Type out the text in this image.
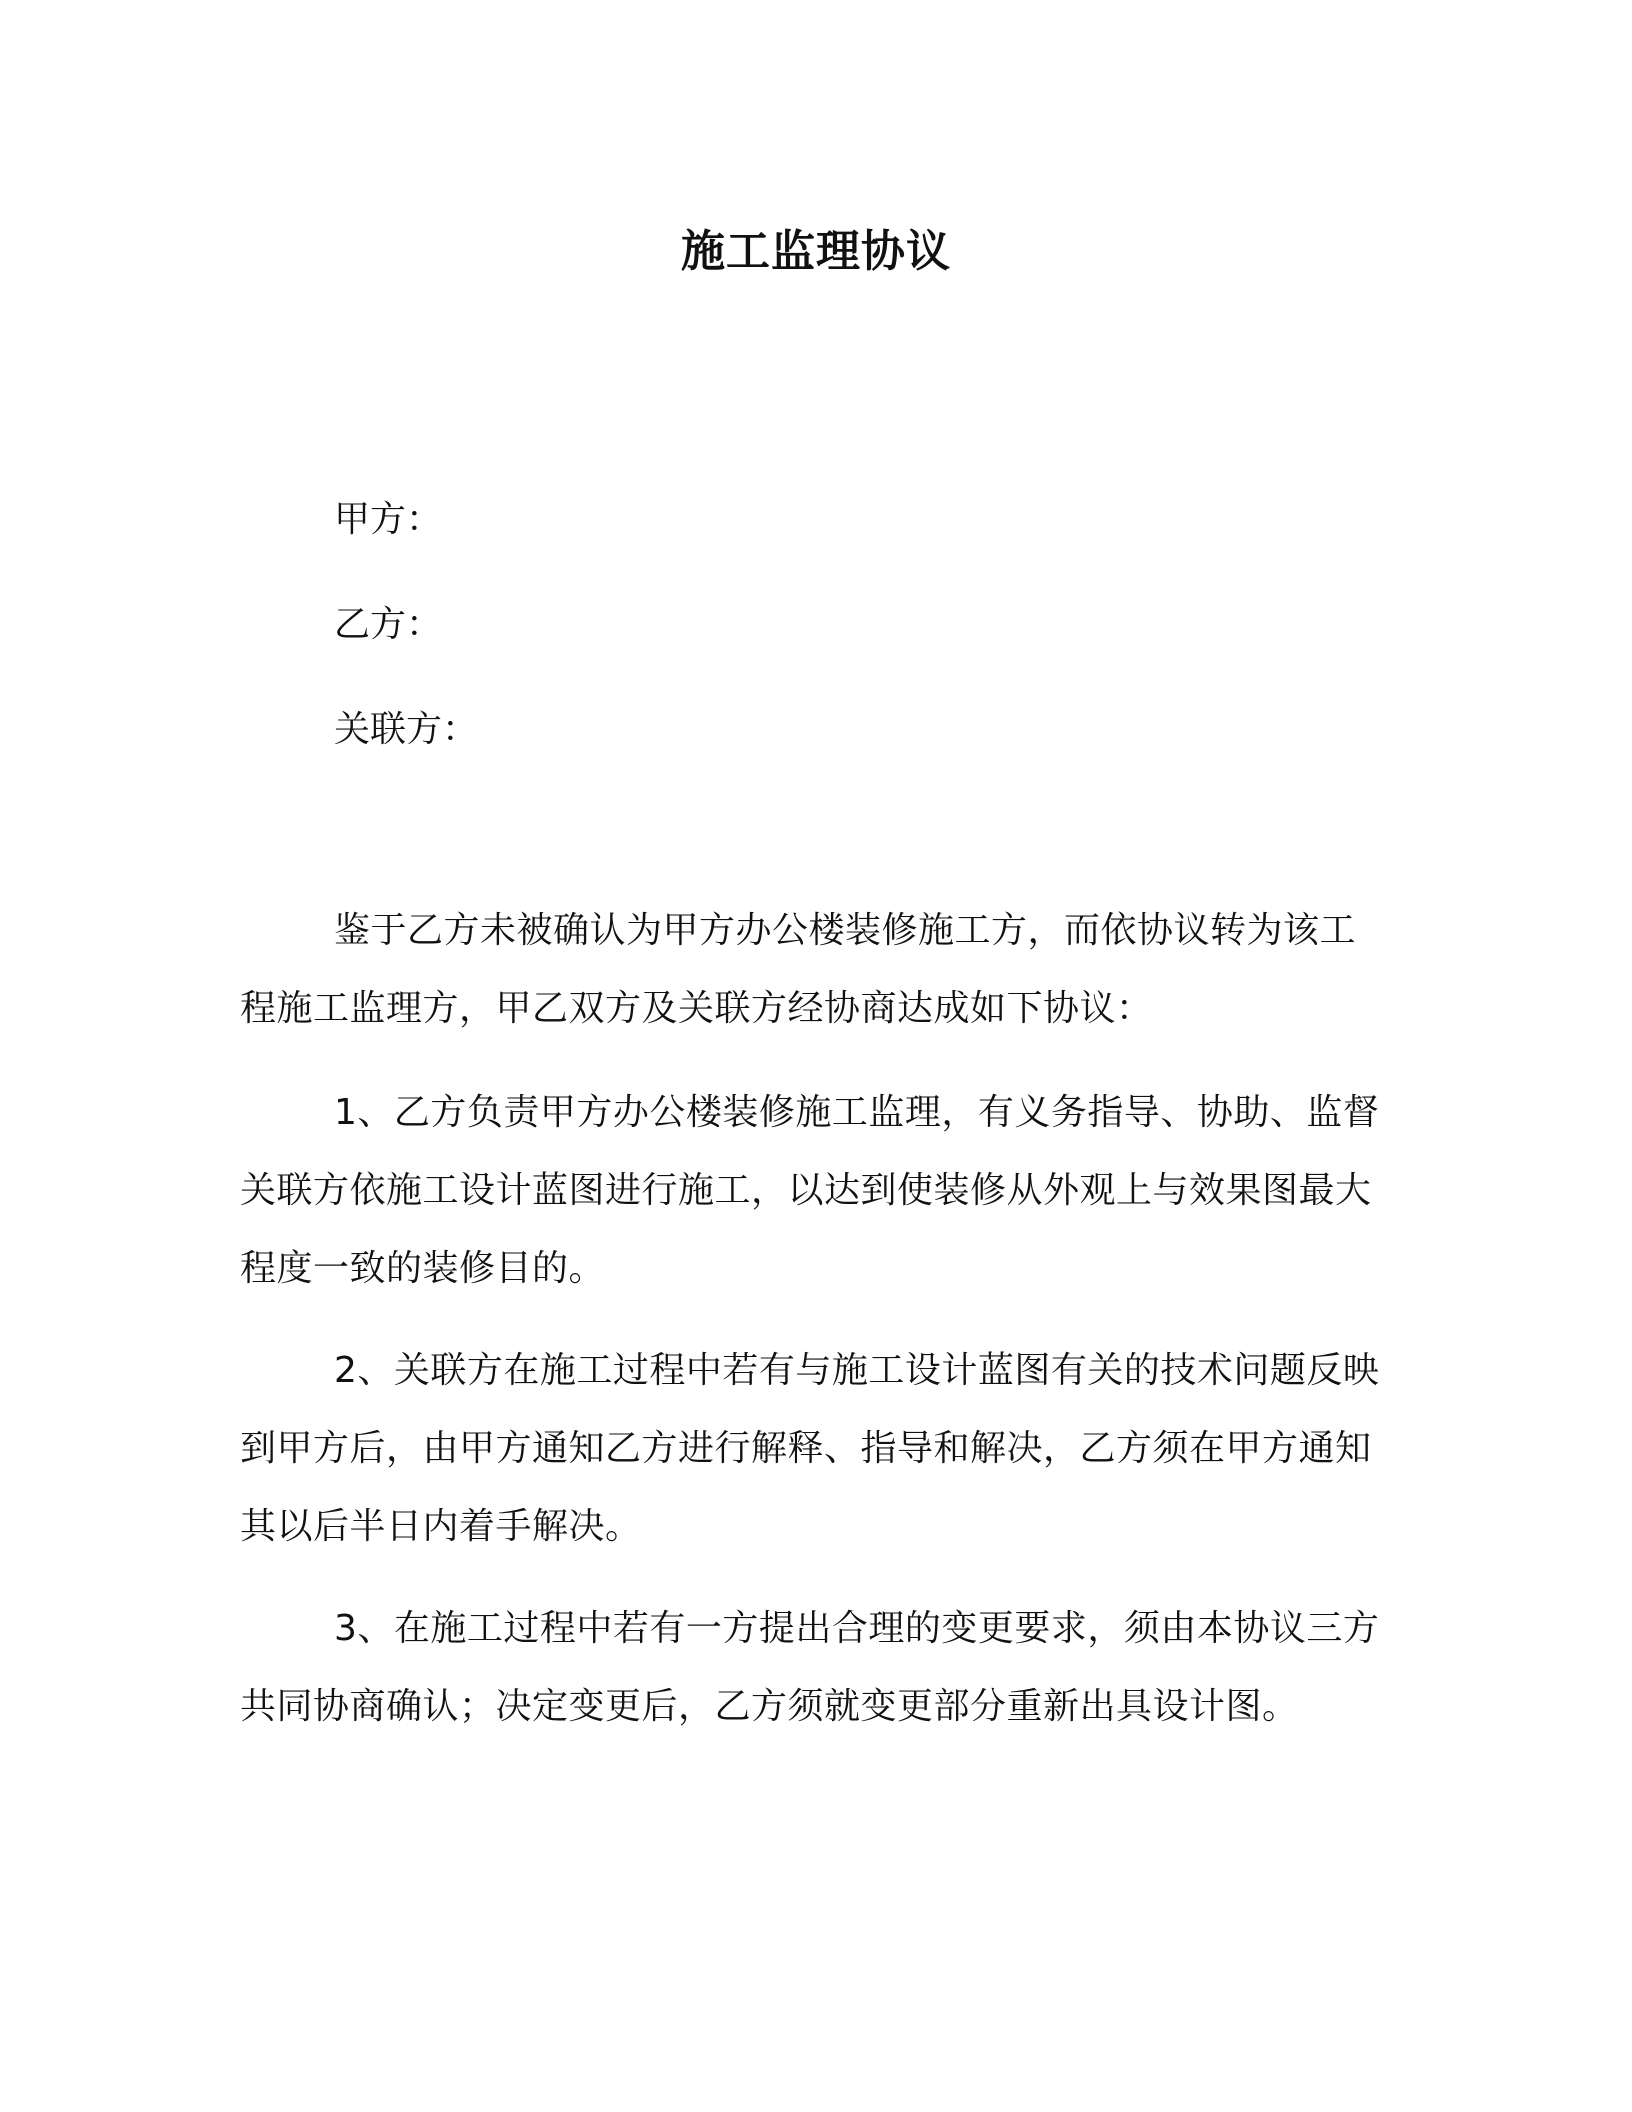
施工监理协议
甲方：
乙方：
关联方：

鉴于乙方未被确认为甲方办公楼装修施工方，而依协议转为该工程施工监理方，甲乙双方及关联方经协商达成如下协议：

1、乙方负责甲方办公楼装修施工监理，有义务指导、协助、监督关联方依施工设计蓝图进行施工，以达到使装修从外观上与效果图最大程度一致的装修目的。

2、关联方在施工过程中若有与施工设计蓝图有关的技术问题反映到甲方后，由甲方通知乙方进行解释、指导和解决，乙方须在甲方通知其以后半日内着手解决。

3、在施工过程中若有一方提出合理的变更要求，须由本协议三方共同协商确认；决定变更后，乙方须就变更部分重新出具设计图。
